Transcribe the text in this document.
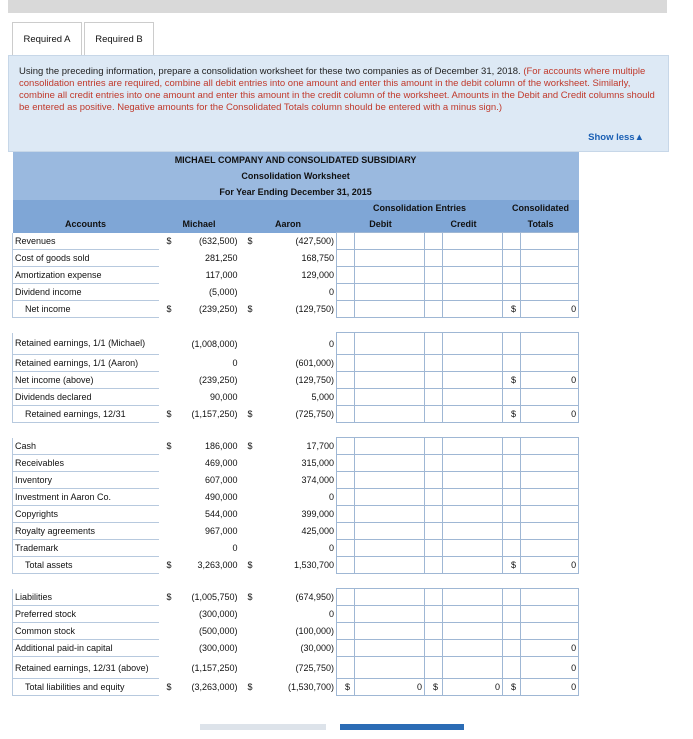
Required A	Required B
Using the preceding information, prepare a consolidation worksheet for these two companies as of December 31, 2018. (For accounts where multiple consolidation entries are required, combine all debit entries into one amount and enter this amount in the debit column of the worksheet. Similarly, combine all credit entries into one amount and enter this amount in the credit column of the worksheet. Amounts in the Debit and Credit columns should be entered as positive. Negative amounts for the Consolidated Totals column should be entered with a minus sign.)
Show less▲
MICHAEL COMPANY AND CONSOLIDATED SUBSIDIARY										
Consolidation Worksheet										
For Year Ending December 31, 2015										
					Consolidation Entries				Consolidated	
Accounts	Michael		Aaron		Debit		Credit		Totals	
Revenues	$	(632,500)	$	(427,500)						
Cost of goods sold		281,250		168,750						
Amortization expense		117,000		129,000						
Dividend income		(5,000)		0						
Net income	$	(239,250)	$	(129,750)					$	0

Retained earnings, 1/1 (Michael)		(1,008,000)		0						
Retained earnings, 1/1 (Aaron)		0		(601,000)						
Net income (above)		(239,250)		(129,750)					$	0
Dividends declared		90,000		5,000						
Retained earnings, 12/31	$	(1,157,250)	$	(725,750)					$	0

Cash	$	186,000	$	17,700						
Receivables		469,000		315,000						
Inventory		607,000		374,000						
Investment in Aaron Co.		490,000		0						
Copyrights		544,000		399,000						
Royalty agreements		967,000		425,000						
Trademark		0		0						
Total assets	$	3,263,000	$	1,530,700					$	0

Liabilities	$	(1,005,750)	$	(674,950)						
Preferred stock		(300,000)		0						
Common stock		(500,000)		(100,000)						
Additional paid-in capital		(300,000)		(30,000)						0
Retained earnings, 12/31 (above)		(1,157,250)		(725,750)						0
Total liabilities and equity	$	(3,263,000)	$	(1,530,700)	$	0	$	0	$	0
